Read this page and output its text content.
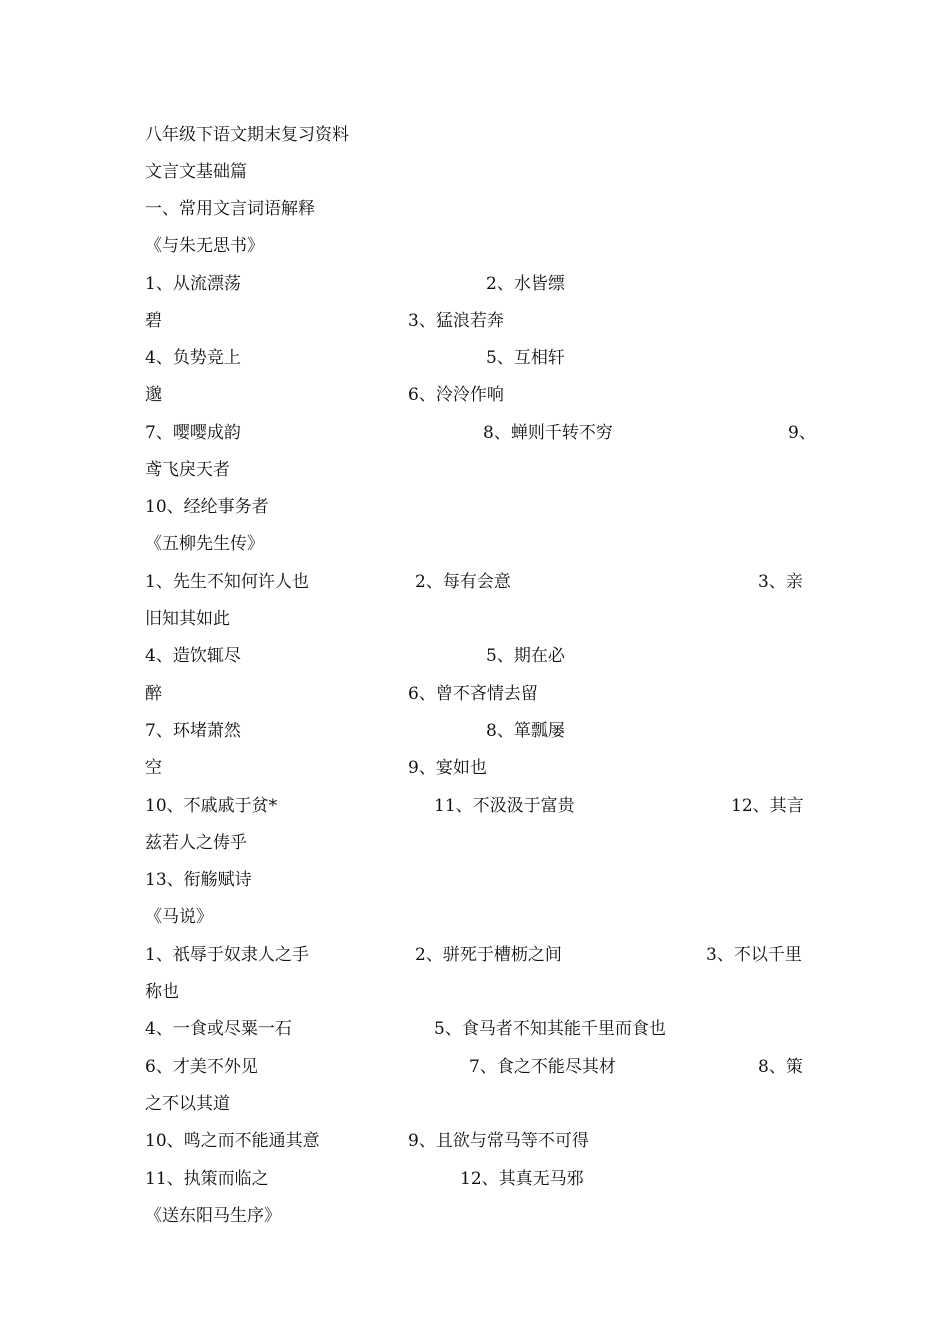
八年级下语文期末复习资料
文言文基础篇
一、常用文言词语解释
《与朱无思书》
1、从流漂荡	2、水皆缥
碧	3、猛浪若奔
4、负势竞上	5、互相轩
邈	6、泠泠作响
7、嘤嘤成韵	8、蝉则千转不穷	9、
鸢飞戾天者
10、经纶事务者
《五柳先生传》
1、先生不知何许人也	2、每有会意	3、亲
旧知其如此
4、造饮辄尽	5、期在必
醉	6、曾不吝情去留
7、环堵萧然	8、箪瓢屡
空	9、宴如也
10、不戚戚于贫*	11、不汲汲于富贵	12、其言
兹若人之俦乎
13、衔觞赋诗
《马说》
1、祇辱于奴隶人之手	2、骈死于槽枥之间	3、不以千里
称也
4、一食或尽粟一石	5、食马者不知其能千里而食也
6、才美不外见	7、食之不能尽其材	8、策
之不以其道
10、鸣之而不能通其意	9、且欲与常马等不可得
11、执策而临之	12、其真无马邪
《送东阳马生序》
